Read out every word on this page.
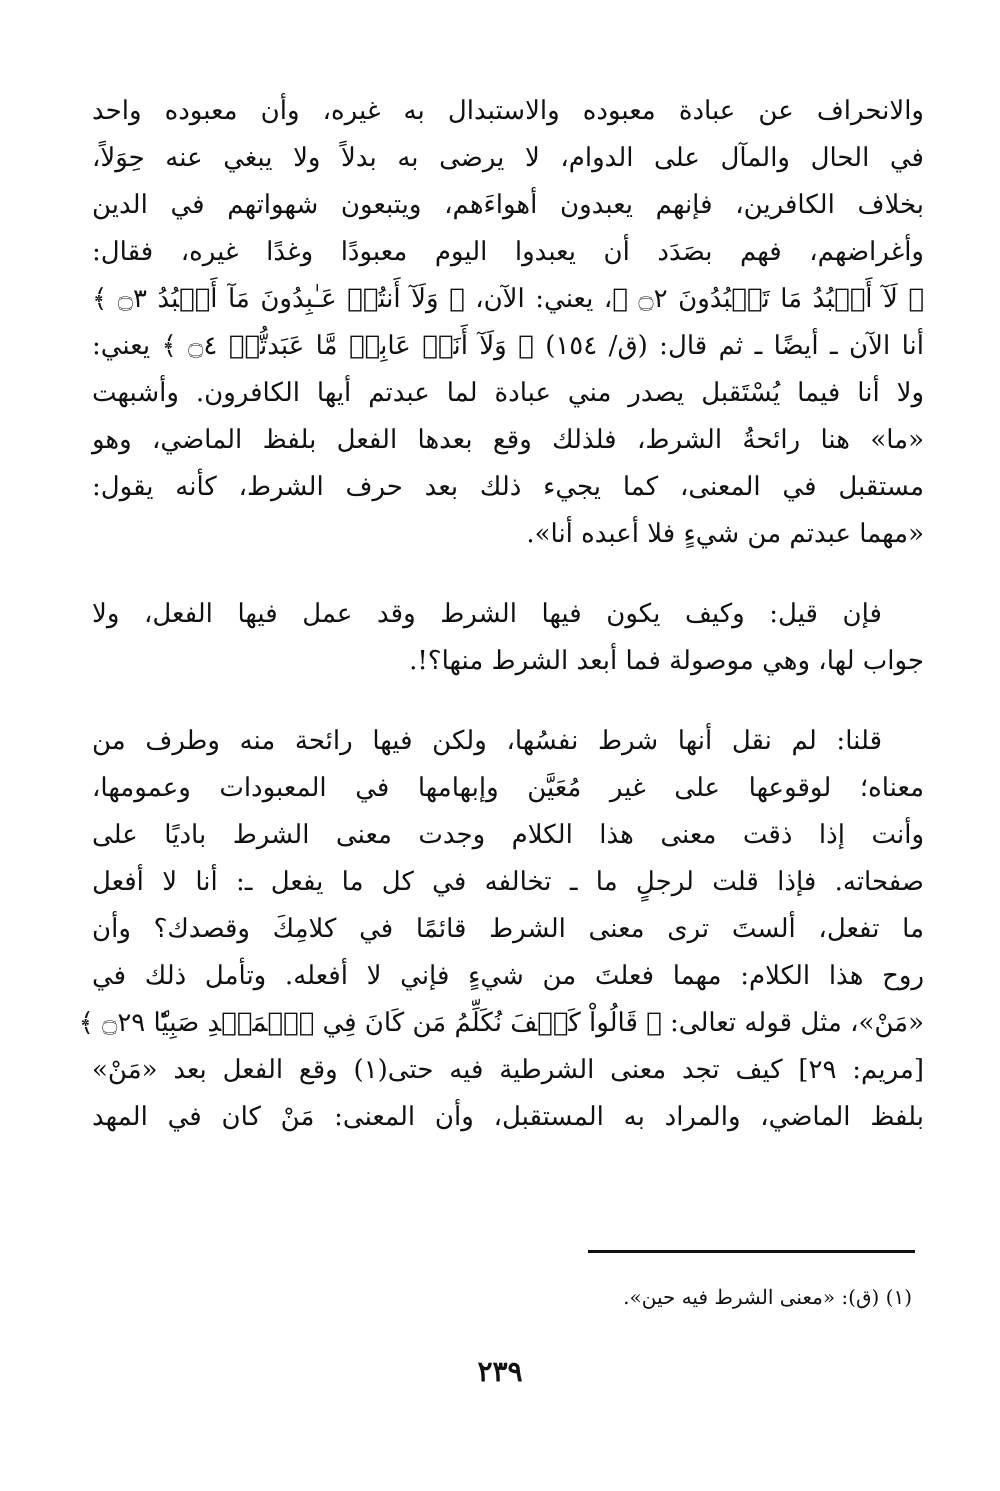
والانحراف عن عبادة معبوده والاستبدال به غيره، وأن معبوده واحد
في الحال والمآل على الدوام، لا يرضى به بدلاً ولا يبغي عنه حِوَلاً،
بخلاف الكافرين، فإنهم يعبدون أهواءَهم، ويتبعون شهواتهم في الدين
وأغراضهم، فهم بصَدَد أن يعبدوا اليوم معبودًا وغدًا غيره، فقال:
﴿ لَآ أَعۡبُدُ مَا تَعۡبُدُونَ ۝٢ ﴾، يعني: الآن، ﴿ وَلَآ أَنتُمۡ عَـٰبِدُونَ مَآ أَعۡبُدُ ۝٣ ﴾
أنا الآن ـ أيضًا ـ ثم قال: (ق/ ١٥٤) ﴿ وَلَآ أَنَا۠ عَابِدٞ مَّا عَبَدتُّمۡ ۝٤ ﴾ يعني:
ولا أنا فيما يُسْتَقبل يصدر مني عبادة لما عبدتم أيها الكافرون. وأشبهت
«ما» هنا رائحةُ الشرط، فلذلك وقع بعدها الفعل بلفظ الماضي، وهو
مستقبل في المعنى، كما يجيء ذلك بعد حرف الشرط، كأنه يقول:
«مهما عبدتم من شيءٍ فلا أعبده أنا».

فإن قيل: وكيف يكون فيها الشرط وقد عمل فيها الفعل، ولا
جواب لها، وهي موصولة فما أبعد الشرط منها؟!.

قلنا: لم نقل أنها شرط نفسُها، ولكن فيها رائحة منه وطرف من
معناه؛ لوقوعها على غير مُعَيَّن وإبهامها في المعبودات وعمومها،
وأنت إذا ذقت معنى هذا الكلام وجدت معنى الشرط باديًا على
صفحاته. فإذا قلت لرجلٍ ما ـ تخالفه في كل ما يفعل ـ: أنا لا أفعل
ما تفعل، ألستَ ترى معنى الشرط قائمًا في كلامِكَ وقصدك؟ وأن
روح هذا الكلام: مهما فعلتَ من شيءٍ فإني لا أفعله. وتأمل ذلك في
«مَنْ»، مثل قوله تعالى: ﴿ قَالُواْ كَيۡفَ نُكَلِّمُ مَن كَانَ فِي ٱلۡمَهۡدِ صَبِيّٗا ۝٢٩ ﴾
[مريم: ٢٩] كيف تجد معنى الشرطية فيه حتى(١) وقع الفعل بعد «مَنْ»
بلفظ الماضي، والمراد به المستقبل، وأن المعنى: مَنْ كان في المهد

(١) (ق): «معنى الشرط فيه حين».
٢٣٩
